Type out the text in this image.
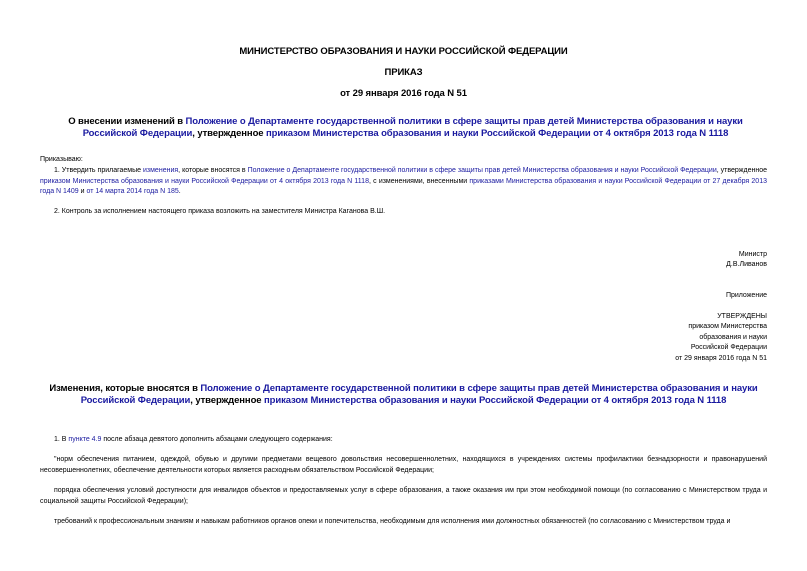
МИНИСТЕРСТВО ОБРАЗОВАНИЯ И НАУКИ РОССИЙСКОЙ ФЕДЕРАЦИИ
ПРИКАЗ
от 29 января 2016 года N 51
О внесении изменений в Положение о Департаменте государственной политики в сфере защиты прав детей Министерства образования и науки Российской Федерации, утвержденное приказом Министерства образования и науки Российской Федерации от 4 октября 2013 года N 1118
Приказываю:
1. Утвердить прилагаемые изменения, которые вносятся в Положение о Департаменте государственной политики в сфере защиты прав детей Министерства образования и науки Российской Федерации, утвержденное приказом Министерства образования и науки Российской Федерации от 4 октября 2013 года N 1118, с изменениями, внесенными приказами Министерства образования и науки Российской Федерации от 27 декабря 2013 года N 1409 и от 14 марта 2014 года N 185.
2. Контроль за исполнением настоящего приказа возложить на заместителя Министра Каганова В.Ш.
Министр
Д.В.Ливанов
Приложение
УТВЕРЖДЕНЫ
приказом Министерства
образования и науки
Российской Федерации
от 29 января 2016 года N 51
Изменения, которые вносятся в Положение о Департаменте государственной политики в сфере защиты прав детей Министерства образования и науки Российской Федерации, утвержденное приказом Министерства образования и науки Российской Федерации от 4 октября 2013 года N 1118
1. В пункте 4.9 после абзаца девятого дополнить абзацами следующего содержания:
"норм обеспечения питанием, одеждой, обувью и другими предметами вещевого довольствия несовершеннолетних, находящихся в учреждениях системы профилактики безнадзорности и правонарушений несовершеннолетних, обеспечение деятельности которых является расходным обязательством Российской Федерации;
порядка обеспечения условий доступности для инвалидов объектов и предоставляемых услуг в сфере образования, а также оказания им при этом необходимой помощи (по согласованию с Министерством труда и социальной защиты Российской Федерации);
требований к профессиональным знаниям и навыкам работников органов опеки и попечительства, необходимым для исполнения ими должностных обязанностей (по согласованию с Министерством труда и
